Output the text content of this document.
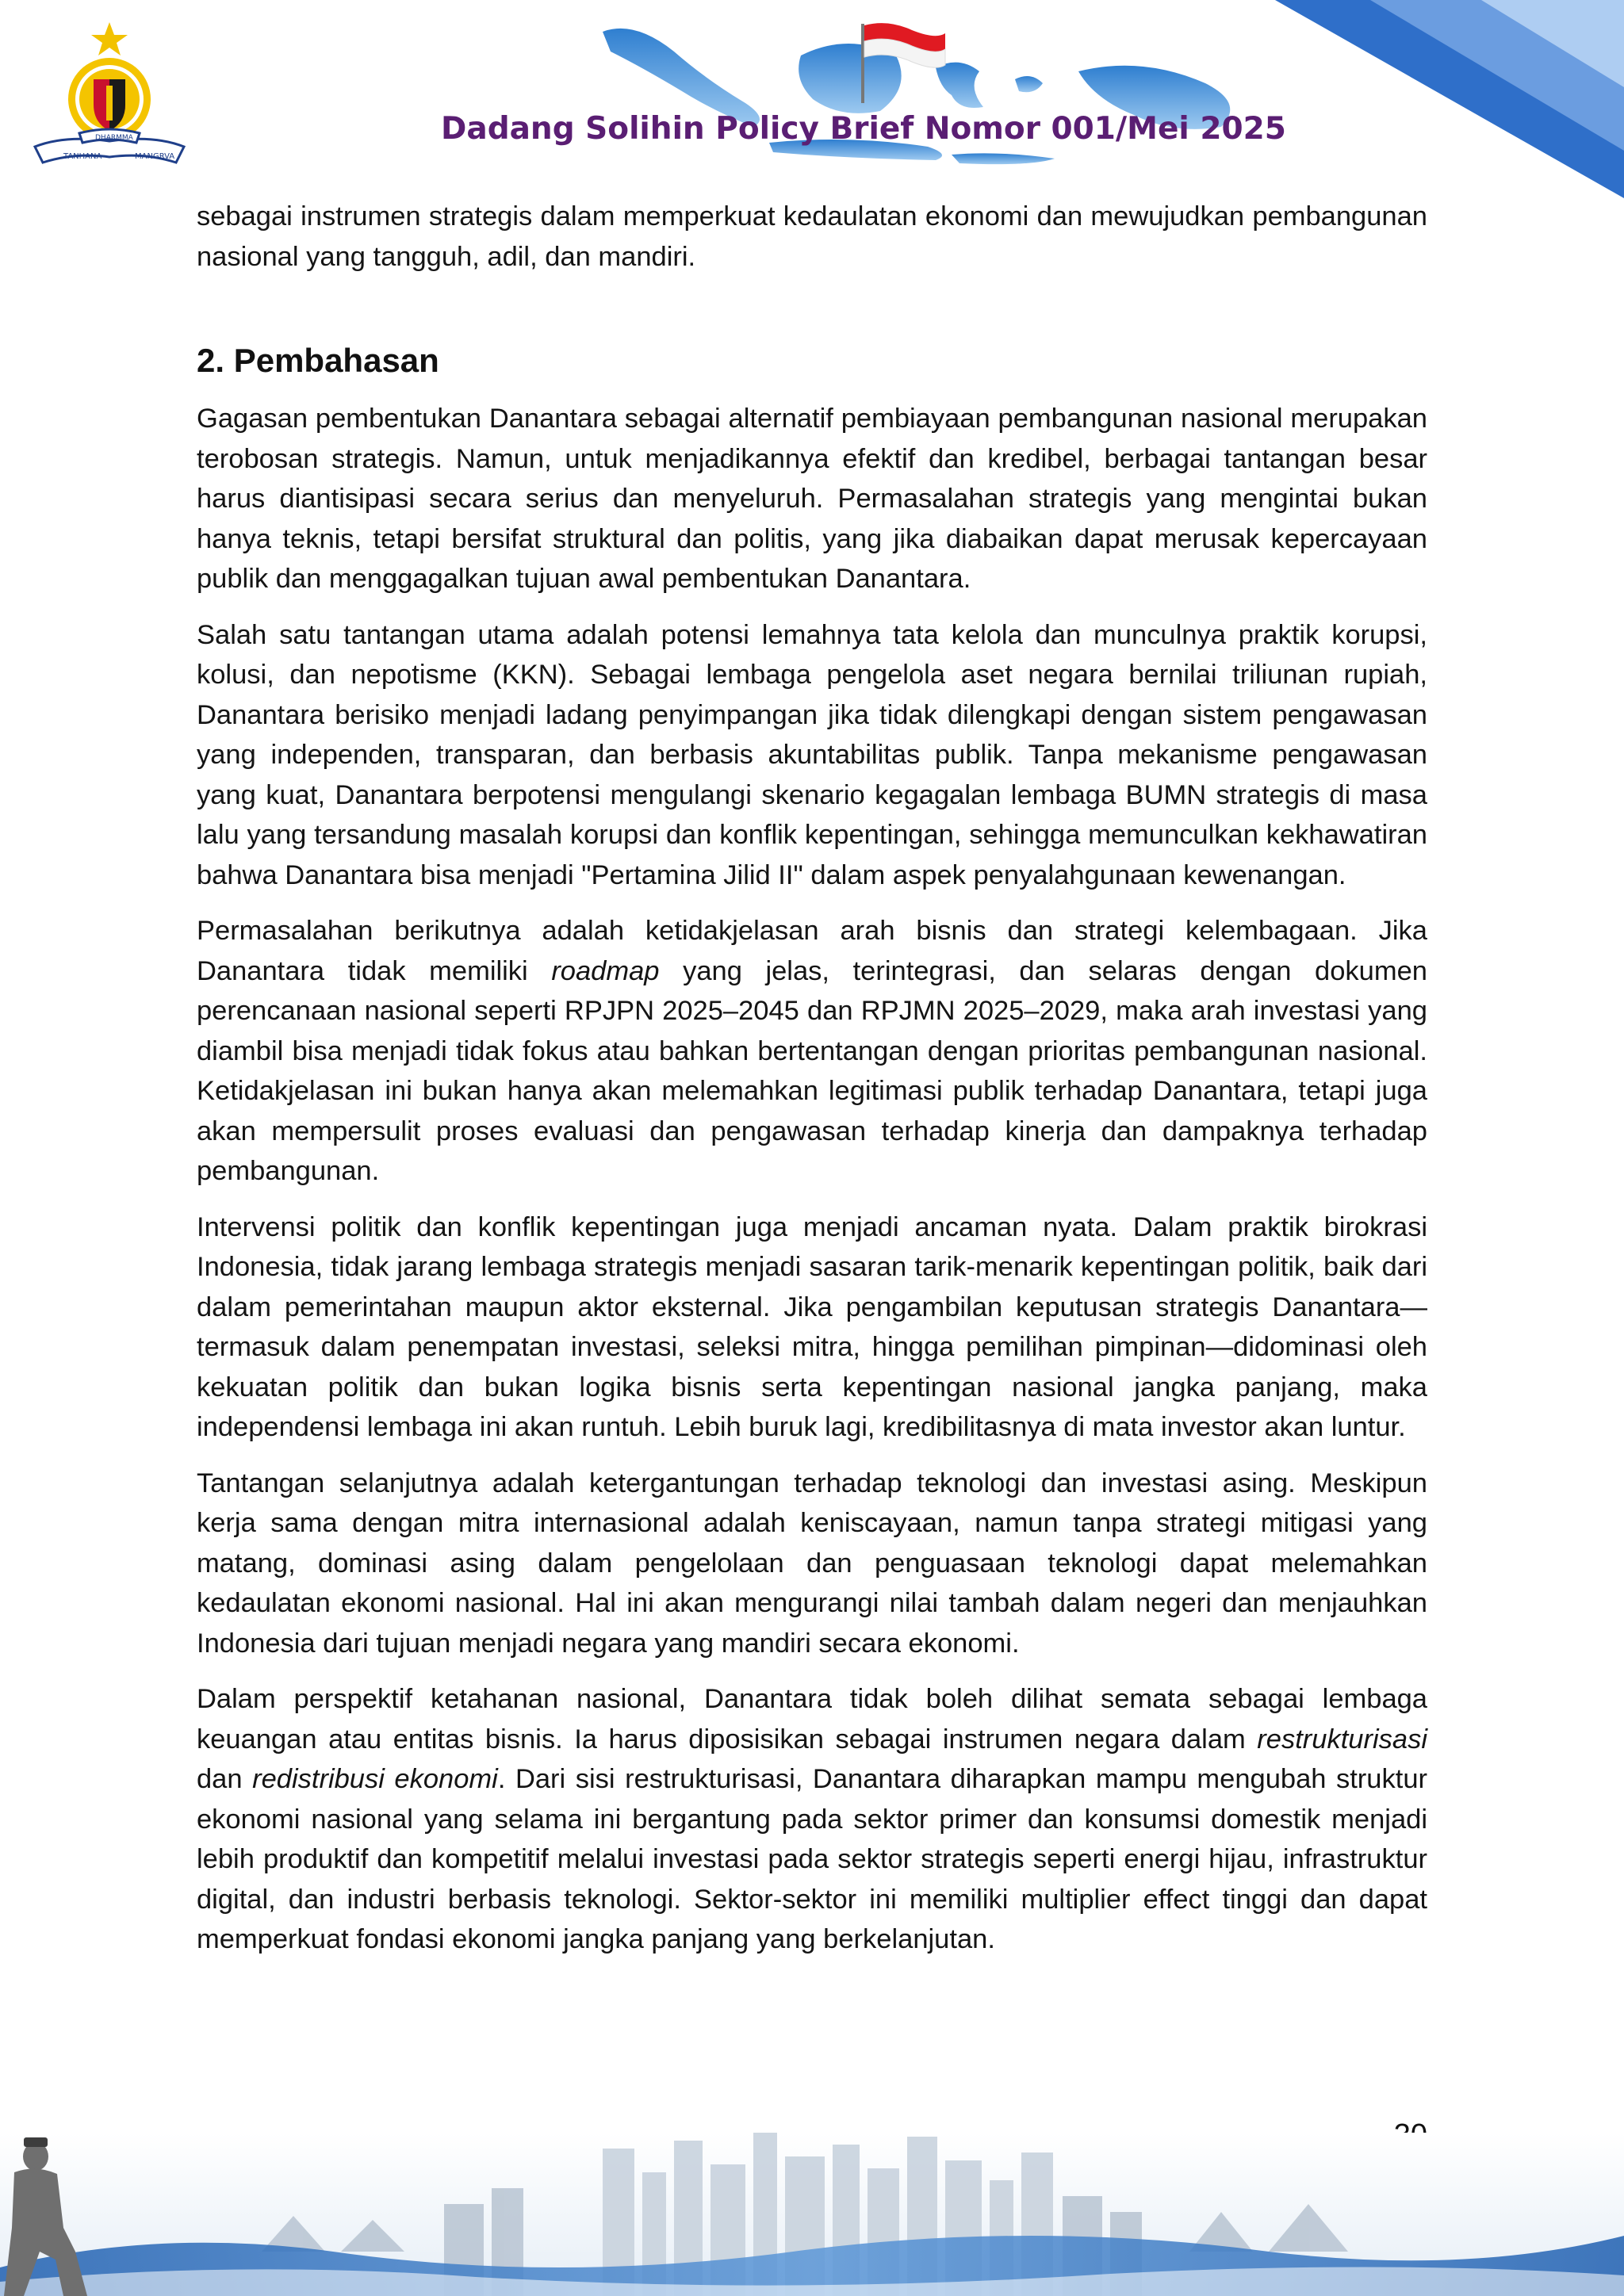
TANHANA
DHARMMA
MANGRVA
Dadang Solihin Policy Brief Nomor 001/Mei 2025

sebagai instrumen strategis dalam memperkuat kedaulatan ekonomi dan mewujudkan pembangunan nasional yang tangguh, adil, dan mandiri.

2. Pembahasan

Gagasan pembentukan Danantara sebagai alternatif pembiayaan pembangunan nasional merupakan terobosan strategis. Namun, untuk menjadikannya efektif dan kredibel, berbagai tantangan besar harus diantisipasi secara serius dan menyeluruh. Permasalahan strategis yang mengintai bukan hanya teknis, tetapi bersifat struktural dan politis, yang jika diabaikan dapat merusak kepercayaan publik dan menggagalkan tujuan awal pembentukan Danantara.

Salah satu tantangan utama adalah potensi lemahnya tata kelola dan munculnya praktik korupsi, kolusi, dan nepotisme (KKN). Sebagai lembaga pengelola aset negara bernilai triliunan rupiah, Danantara berisiko menjadi ladang penyimpangan jika tidak dilengkapi dengan sistem pengawasan yang independen, transparan, dan berbasis akuntabilitas publik. Tanpa mekanisme pengawasan yang kuat, Danantara berpotensi mengulangi skenario kegagalan lembaga BUMN strategis di masa lalu yang tersandung masalah korupsi dan konflik kepentingan, sehingga memunculkan kekhawatiran bahwa Danantara bisa menjadi "Pertamina Jilid II" dalam aspek penyalahgunaan kewenangan.

Permasalahan berikutnya adalah ketidakjelasan arah bisnis dan strategi kelembagaan. Jika Danantara tidak memiliki roadmap yang jelas, terintegrasi, dan selaras dengan dokumen perencanaan nasional seperti RPJPN 2025–2045 dan RPJMN 2025–2029, maka arah investasi yang diambil bisa menjadi tidak fokus atau bahkan bertentangan dengan prioritas pembangunan nasional. Ketidakjelasan ini bukan hanya akan melemahkan legitimasi publik terhadap Danantara, tetapi juga akan mempersulit proses evaluasi dan pengawasan terhadap kinerja dan dampaknya terhadap pembangunan.

Intervensi politik dan konflik kepentingan juga menjadi ancaman nyata. Dalam praktik birokrasi Indonesia, tidak jarang lembaga strategis menjadi sasaran tarik-menarik kepentingan politik, baik dari dalam pemerintahan maupun aktor eksternal. Jika pengambilan keputusan strategis Danantara—termasuk dalam penempatan investasi, seleksi mitra, hingga pemilihan pimpinan—didominasi oleh kekuatan politik dan bukan logika bisnis serta kepentingan nasional jangka panjang, maka independensi lembaga ini akan runtuh. Lebih buruk lagi, kredibilitasnya di mata investor akan luntur.

Tantangan selanjutnya adalah ketergantungan terhadap teknologi dan investasi asing. Meskipun kerja sama dengan mitra internasional adalah keniscayaan, namun tanpa strategi mitigasi yang matang, dominasi asing dalam pengelolaan dan penguasaan teknologi dapat melemahkan kedaulatan ekonomi nasional. Hal ini akan mengurangi nilai tambah dalam negeri dan menjauhkan Indonesia dari tujuan menjadi negara yang mandiri secara ekonomi.

Dalam perspektif ketahanan nasional, Danantara tidak boleh dilihat semata sebagai lembaga keuangan atau entitas bisnis. Ia harus diposisikan sebagai instrumen negara dalam restrukturisasi dan redistribusi ekonomi. Dari sisi restrukturisasi, Danantara diharapkan mampu mengubah struktur ekonomi nasional yang selama ini bergantung pada sektor primer dan konsumsi domestik menjadi lebih produktif dan kompetitif melalui investasi pada sektor strategis seperti energi hijau, infrastruktur digital, dan industri berbasis teknologi. Sektor-sektor ini memiliki multiplier effect tinggi dan dapat memperkuat fondasi ekonomi jangka panjang yang berkelanjutan.
